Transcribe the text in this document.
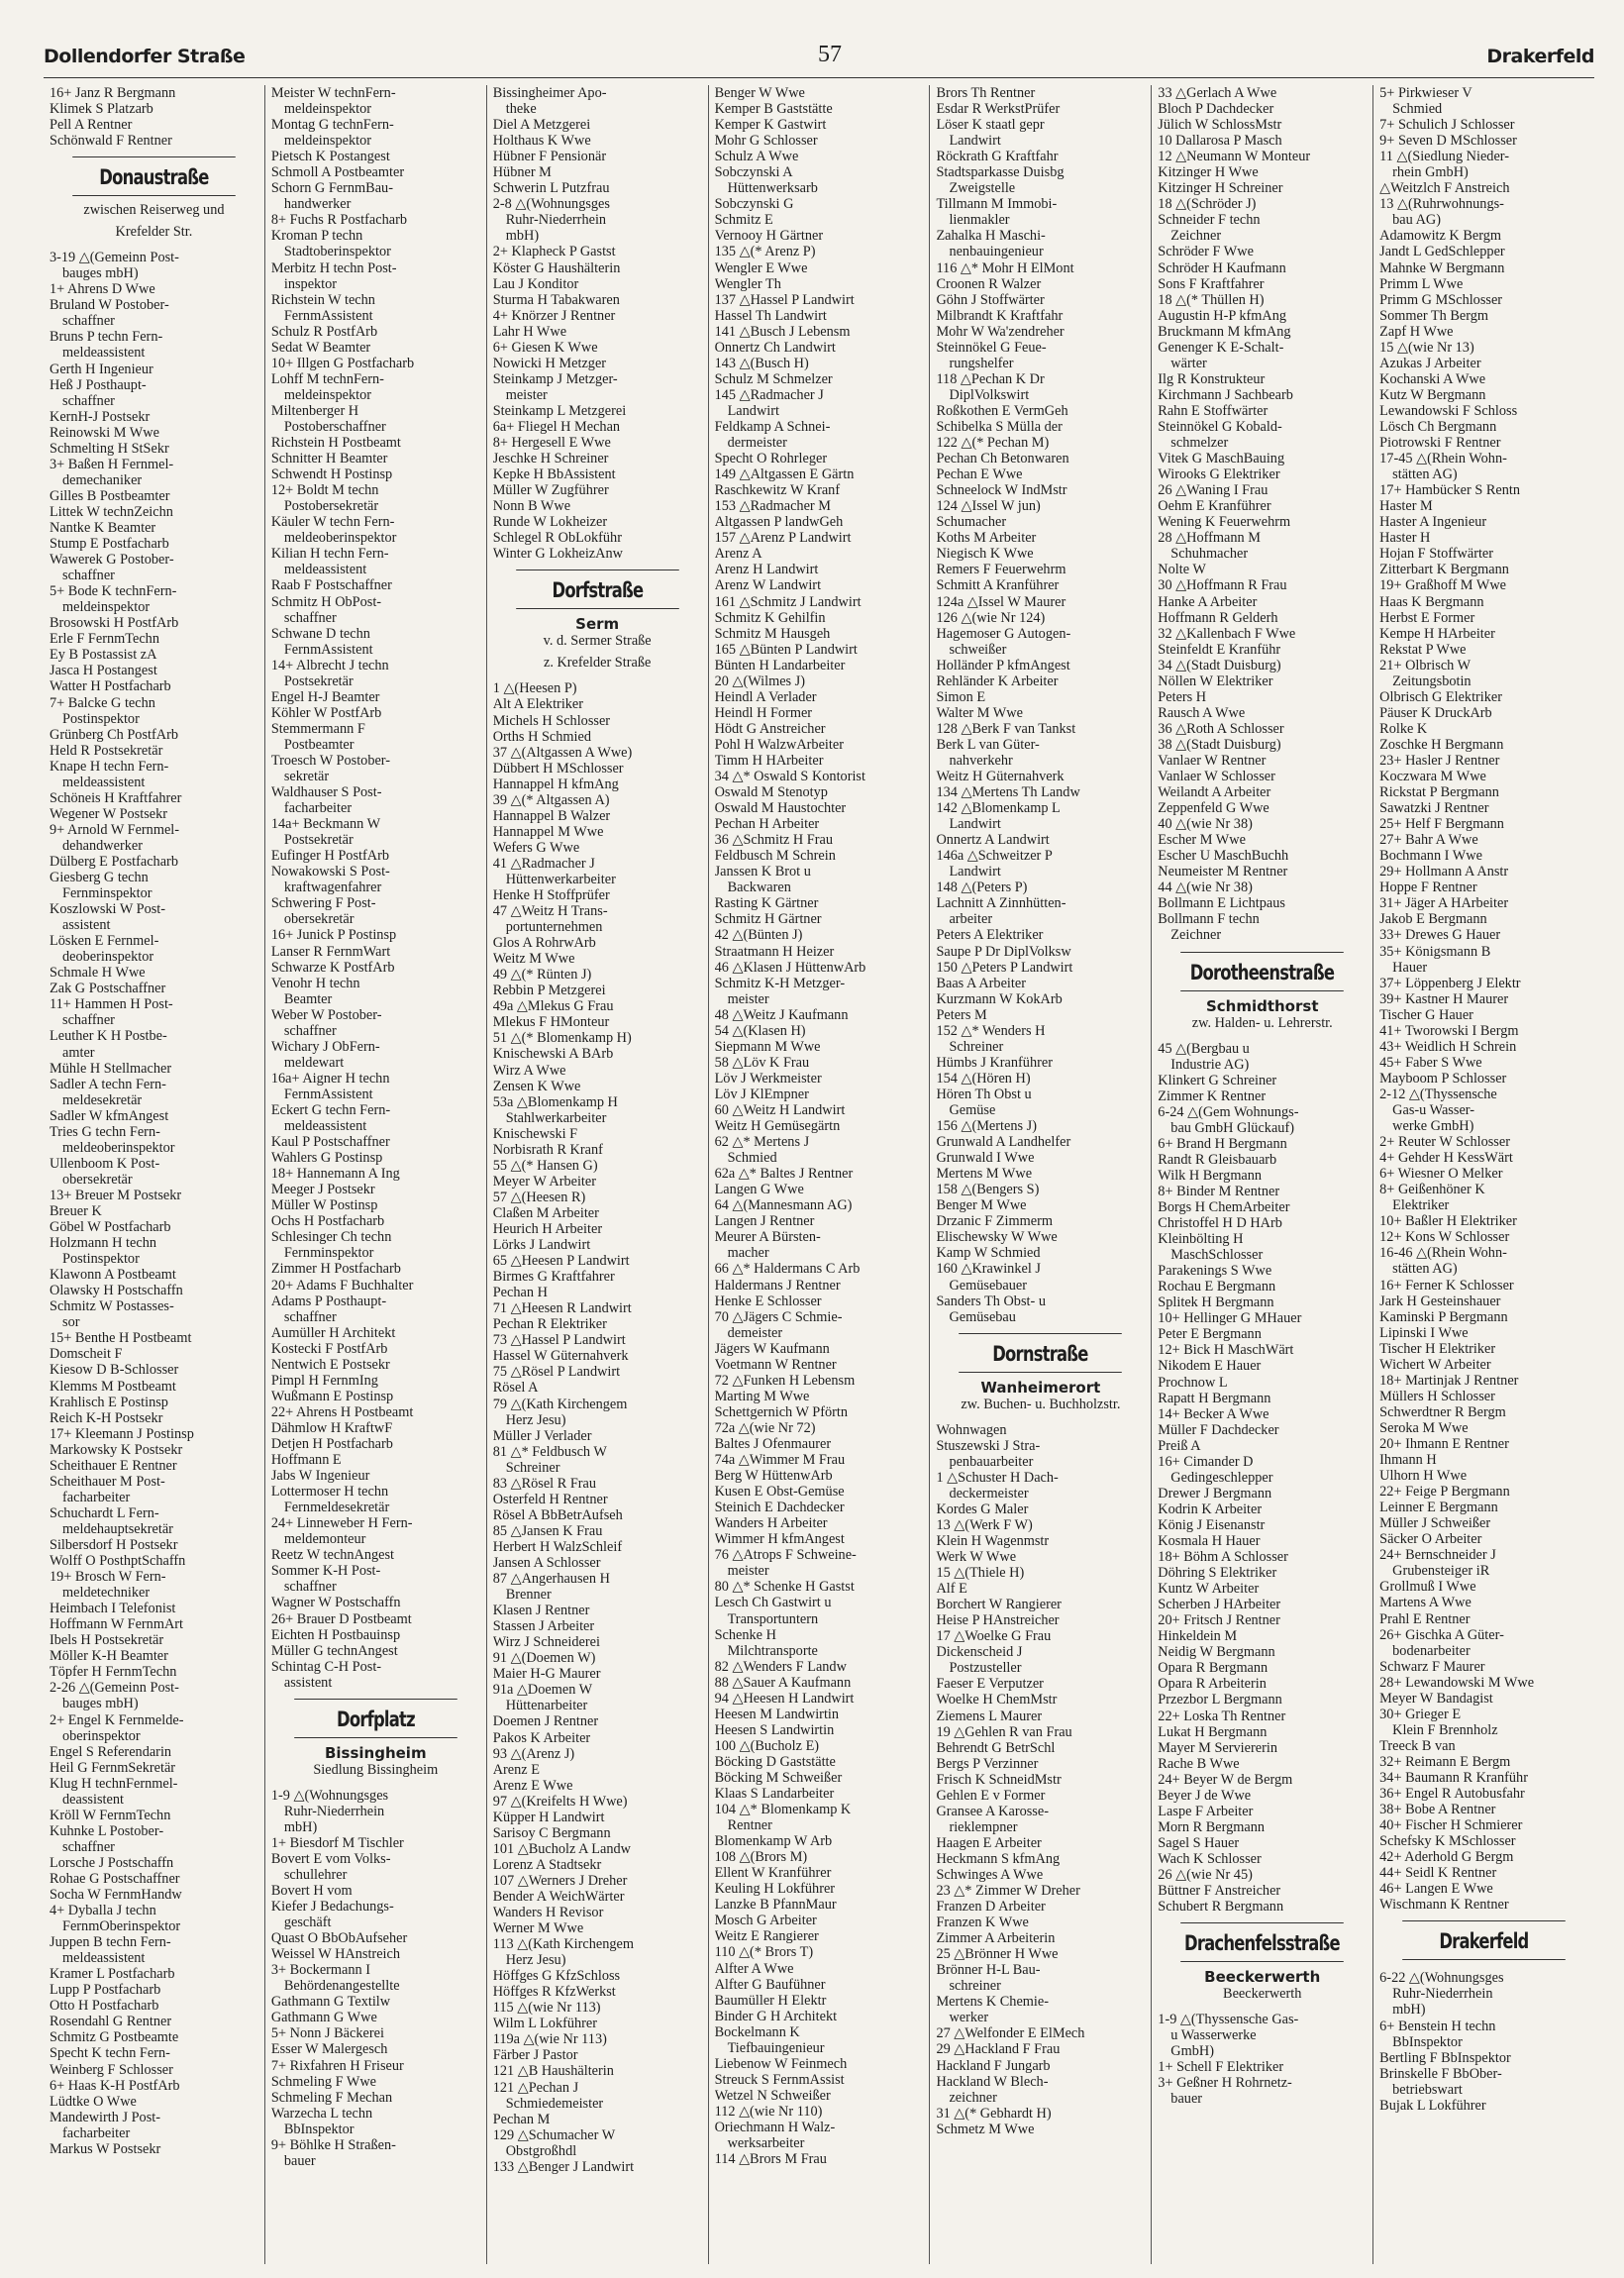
Dollendorfer Straße	57	Drakerfeld
16+ Janz R Bergmann
Klimek S Platzarb
Pell A Rentner
Schönwald F Rentner
Donaustraße
zwischen Reiserweg und
Krefelder Str.
3-19 △(Gemeinn Post-
bauges mbH)
1+ Ahrens D Wwe
Bruland W Postober-
schaffner
Bruns P techn Fern-
meldeassistent
Gerth H Ingenieur
Heß J Posthaupt-
schaffner
KernH-J Postsekr
Reinowski M Wwe
Schmelting H StSekr
3+ Baßen H Fernmel-
demechaniker
Gilles B Postbeamter
Littek W technZeichn
Nantke K Beamter
Stump E Postfacharb
Wawerek G Postober-
schaffner
5+ Bode K technFern-
meldeinspektor
Brosowski H PostfArb
Erle F FernmTechn
Ey B Postassist zA
Jasca H Postangest
Watter H Postfacharb
7+ Balcke G techn
Postinspektor
Grünberg Ch PostfArb
Held R Postsekretär
Knape H techn Fern-
meldeassistent
Schöneis H Kraftfahrer
Wegener W Postsekr
9+ Arnold W Fernmel-
dehandwerker
Dülberg E Postfacharb
Giesberg G techn
Fernminspektor
Koszlowski W Post-
assistent
Lösken E Fernmel-
deoberinspektor
Schmale H Wwe
Zak G Postschaffner
11+ Hammen H Post-
schaffner
Leuther K H Postbe-
amter
Mühle H Stellmacher
Sadler A techn Fern-
meldesekretär
Sadler W kfmAngest
Tries G techn Fern-
meldeoberinspektor
Ullenboom K Post-
obersekretär
13+ Breuer M Postsekr
Breuer K
Göbel W Postfacharb
Holzmann H techn
Postinspektor
Klawonn A Postbeamt
Olawsky H Postschaffn
Schmitz W Postasses-
sor
15+ Benthe H Postbeamt
Domscheit F
Kiesow D B-Schlosser
Klemms M Postbeamt
Krahlisch E Postinsp
Reich K-H Postsekr
17+ Kleemann J Postinsp
Markowsky K Postsekr
Scheithauer E Rentner
Scheithauer M Post-
facharbeiter
Schuchardt L Fern-
meldehauptsekretär
Silbersdorf H Postsekr
Wolff O PosthptSchaffn
19+ Brosch W Fern-
meldetechniker
Heimbach I Telefonist
Hoffmann W FernmArt
Ibels H Postsekretär
Möller K-H Beamter
Töpfer H FernmTechn
2-26 △(Gemeinn Post-
bauges mbH)
2+ Engel K Fernmelde-
oberinspektor
Engel S Referendarin
Heil G FernmSekretär
Klug H technFernmel-
deassistent
Kröll W FernmTechn
Kuhnke L Postober-
schaffner
Lorsche J Postschaffn
Rohae G Postschaffner
Socha W FernmHandw
4+ Dyballa J techn
FernmOberinspektor
Juppen B techn Fern-
meldeassistent
Kramer L Postfacharb
Lupp P Postfacharb
Otto H Postfacharb
Rosendahl G Rentner
Schmitz G Postbeamte
Specht K techn Fern-
Weinberg F Schlosser
6+ Haas K-H PostfArb
Lüdtke O Wwe
Mandewirth J Post-
facharbeiter
Markus W Postsekr
Meister W technFern-
meldeinspektor
Montag G technFern-
meldeinspektor
Pietsch K Postangest
Schmoll A Postbeamter
Schorn G FernmBau-
handwerker
8+ Fuchs R Postfacharb
Kroman P techn
Stadtoberinspektor
Merbitz H techn Post-
inspektor
Richstein W techn
FernmAssistent
Schulz R PostfArb
Sedat W Beamter
10+ Illgen G Postfacharb
Lohff M technFern-
meldeinspektor
Miltenberger H
Postoberschaffner
Richstein H Postbeamt
Schnitter H Beamter
Schwendt H Postinsp
12+ Boldt M techn
Postobersekretär
Käuler W techn Fern-
meldeoberinspektor
Kilian H techn Fern-
meldeassistent
Raab F Postschaffner
Schmitz H ObPost-
schaffner
Schwane D techn
FernmAssistent
14+ Albrecht J techn
Postsekretär
Engel H-J Beamter
Köhler W PostfArb
Stemmermann F
Postbeamter
Troesch W Postober-
sekretär
Waldhauser S Post-
facharbeiter
14a+ Beckmann W
Postsekretär
Eufinger H PostfArb
Nowakowski S Post-
kraftwagenfahrer
Schwering F Post-
obersekretär
16+ Junick P Postinsp
Lanser R FernmWart
Schwarze K PostfArb
Venohr H techn
Beamter
Weber W Postober-
schaffner
Wichary J ObFern-
meldewart
16a+ Aigner H techn
FernmAssistent
Eckert G techn Fern-
meldeassistent
Kaul P Postschaffner
Wahlers G Postinsp
18+ Hannemann A Ing
Meeger J Postsekr
Müller W Postinsp
Ochs H Postfacharb
Schlesinger Ch techn
Fernminspektor
Zimmer H Postfacharb
20+ Adams F Buchhalter
Adams P Posthaupt-
schaffner
Aumüller H Architekt
Kostecki F PostfArb
Nentwich E Postsekr
Pimpl H FernmIng
Wußmann E Postinsp
22+ Ahrens H Postbeamt
Dähmlow H KraftwF
Detjen H Postfacharb
Hoffmann E
Jabs W Ingenieur
Lottermoser H techn
Fernmeldesekretär
24+ Linneweber H Fern-
meldemonteur
Reetz W technAngest
Sommer K-H Post-
schaffner
Wagner W Postschaffn
26+ Brauer D Postbeamt
Eichten H Postbauinsp
Müller G technAngest
Schintag C-H Post-
assistent
Dorfplatz
Bissingheim
Siedlung Bissingheim
1-9 △(Wohnungsges
Ruhr-Niederrhein
mbH)
1+ Biesdorf M Tischler
Bovert E vom Volks-
schullehrer
Bovert H vom
Kiefer J Bedachungs-
geschäft
Quast O BbObAufseher
Weissel W HAnstreich
3+ Bockermann I
Behördenangestellte
Gathmann G Textilw
Gathmann G Wwe
5+ Nonn J Bäckerei
Esser W Malergesch
7+ Rixfahren H Friseur
Schmeling F Wwe
Schmeling F Mechan
Warzecha L techn
BbInspektor
9+ Böhlke H Straßen-
bauer
Bissingheimer Apo-
theke
Diel A Metzgerei
Holthaus K Wwe
Hübner F Pensionär
Hübner M
Schwerin L Putzfrau
2-8 △(Wohnungsges
Ruhr-Niederrhein
mbH)
2+ Klapheck P Gastst
Köster G Haushälterin
Lau J Konditor
Sturma H Tabakwaren
4+ Knörzer J Rentner
Lahr H Wwe
6+ Giesen K Wwe
Nowicki H Metzger
Steinkamp J Metzger-
meister
Steinkamp L Metzgerei
6a+ Fliegel H Mechan
8+ Hergesell E Wwe
Jeschke H Schreiner
Kepke H BbAssistent
Müller W Zugführer
Nonn B Wwe
Runde W Lokheizer
Schlegel R ObLokführ
Winter G LokheizAnw
Dorfstraße
Serm
v. d. Sermer Straße
z. Krefelder Straße
1 △(Heesen P)
Alt A Elektriker
Michels H Schlosser
Orths H Schmied
37 △(Altgassen A Wwe)
Dübbert H MSchlosser
Hannappel H kfmAng
39 △(* Altgassen A)
Hannappel B Walzer
Hannappel M Wwe
Wefers G Wwe
41 △Radmacher J
Hüttenwerkarbeiter
Henke H Stoffprüfer
47 △Weitz H Trans-
portunternehmen
Glos A RohrwArb
Weitz M Wwe
49 △(* Rünten J)
Rebbin P Metzgerei
49a △Mlekus G Frau
Mlekus F HMonteur
51 △(* Blomenkamp H)
Knischewski A BArb
Wirz A Wwe
Zensen K Wwe
53a △Blomenkamp H
Stahlwerkarbeiter
Knischewski F
Norbisrath R Kranf
55 △(* Hansen G)
Meyer W Arbeiter
57 △(Heesen R)
Claßen M Arbeiter
Heurich H Arbeiter
Lörks J Landwirt
65 △Heesen P Landwirt
Birmes G Kraftfahrer
Pechan H
71 △Heesen R Landwirt
Pechan R Elektriker
73 △Hassel P Landwirt
Hassel W Güternahverk
75 △Rösel P Landwirt
Rösel A
79 △(Kath Kirchengem
Herz Jesu)
Müller J Verlader
81 △* Feldbusch W
Schreiner
83 △Rösel R Frau
Osterfeld H Rentner
Rösel A BbBetrAufseh
85 △Jansen K Frau
Herbert H WalzSchleif
Jansen A Schlosser
87 △Angerhausen H
Brenner
Klasen J Rentner
Stassen J Arbeiter
Wirz J Schneiderei
91 △(Doemen W)
Maier H-G Maurer
91a △Doemen W
Hüttenarbeiter
Doemen J Rentner
Pakos K Arbeiter
93 △(Arenz J)
Arenz E
Arenz E Wwe
97 △(Kreifelts H Wwe)
Küpper H Landwirt
Sarisoy C Bergmann
101 △Bucholz A Landw
Lorenz A Stadtsekr
107 △Werners J Dreher
Bender A WeichWärter
Wanders H Revisor
Werner M Wwe
113 △(Kath Kirchengem
Herz Jesu)
Höffges G KfzSchloss
Höffges R KfzWerkst
115 △(wie Nr 113)
Wilm L Lokführer
119a △(wie Nr 113)
Färber J Pastor
121 △B Haushälterin
121 △Pechan J
Schmiedemeister
Pechan M
129 △Schumacher W
Obstgroßhdl
133 △Benger J Landwirt
Benger W Wwe
Kemper B Gaststätte
Kemper K Gastwirt
Mohr G Schlosser
Schulz A Wwe
Sobczynski A
Hüttenwerksarb
Sobczynski G
Schmitz E
Vernooy H Gärtner
135 △(* Arenz P)
Wengler E Wwe
Wengler Th
137 △Hassel P Landwirt
Hassel Th Landwirt
141 △Busch J Lebensm
Onnertz Ch Landwirt
143 △(Busch H)
Schulz M Schmelzer
145 △Radmacher J
Landwirt
Feldkamp A Schnei-
dermeister
Specht O Rohrleger
149 △Altgassen E Gärtn
Raschkewitz W Kranf
153 △Radmacher M
Altgassen P landwGeh
157 △Arenz P Landwirt
Arenz A
Arenz H Landwirt
Arenz W Landwirt
161 △Schmitz J Landwirt
Schmitz K Gehilfin
Schmitz M Hausgeh
165 △Bünten P Landwirt
Bünten H Landarbeiter
20 △(Wilmes J)
Heindl A Verlader
Heindl H Former
Hödt G Anstreicher
Pohl H WalzwArbeiter
Timm H HArbeiter
34 △* Oswald S Kontorist
Oswald M Stenotyp
Oswald M Haustochter
Pechan H Arbeiter
36 △Schmitz H Frau
Feldbusch M Schrein
Janssen K Brot u
Backwaren
Rasting K Gärtner
Schmitz H Gärtner
42 △(Bünten J)
Straatmann H Heizer
46 △Klasen J HüttenwArb
Schmitz K-H Metzger-
meister
48 △Weitz J Kaufmann
54 △(Klasen H)
Siepmann M Wwe
58 △Löv K Frau
Löv J Werkmeister
Löv J KlEmpner
60 △Weitz H Landwirt
Weitz H Gemüsegärtn
62 △* Mertens J
Schmied
62a △* Baltes J Rentner
Langen G Wwe
64 △(Mannesmann AG)
Langen J Rentner
Meurer A Bürsten-
macher
66 △* Haldermans C Arb
Haldermans J Rentner
Henke E Schlosser
70 △Jägers C Schmie-
demeister
Jägers W Kaufmann
Voetmann W Rentner
72 △Funken H Lebensm
Marting M Wwe
Schettgernich W Pförtn
72a △(wie Nr 72)
Baltes J Ofenmaurer
74a △Wimmer M Frau
Berg W HüttenwArb
Kusen E Obst-Gemüse
Steinich E Dachdecker
Wanders H Arbeiter
Wimmer H kfmAngest
76 △Atrops F Schweine-
meister
80 △* Schenke H Gastst
Lesch Ch Gastwirt u
Transportuntern
Schenke H
Milchtransporte
82 △Wenders F Landw
88 △Sauer A Kaufmann
94 △Heesen H Landwirt
Heesen M Landwirtin
Heesen S Landwirtin
100 △(Bucholz E)
Böcking D Gaststätte
Böcking M Schweißer
Klaas S Landarbeiter
104 △* Blomenkamp K
Rentner
Blomenkamp W Arb
108 △(Brors M)
Ellent W Kranführer
Keuling H Lokführer
Lanzke B PfannMaur
Mosch G Arbeiter
Weitz E Rangierer
110 △(* Brors T)
Alfter A Wwe
Alfter G Baufühner
Baumüller H Elektr
Binder G H Architekt
Bockelmann K
Tiefbauingenieur
Liebenow W Feinmech
Streuck S FernmAssist
Wetzel N Schweißer
112 △(wie Nr 110)
Oriechmann H Walz-
werksarbeiter
114 △Brors M Frau
Brors Th Rentner
Esdar R WerkstPrüfer
Löser K staatl gepr
Landwirt
Röckrath G Kraftfahr
Stadtsparkasse Duisbg
Zweigstelle
Tillmann M Immobi-
lienmakler
Zahalka H Maschi-
nenbauingenieur
116 △* Mohr H ElMont
Croonen R Walzer
Göhn J Stoffwärter
Milbrandt K Kraftfahr
Mohr W Wa'zendreher
Steinnökel G Feue-
rungshelfer
118 △Pechan K Dr
DiplVolkswirt
Roßkothen E VermGeh
Schibelka S Mülla der
122 △(* Pechan M)
Pechan Ch Betonwaren
Pechan E Wwe
Schneelock W IndMstr
124 △Issel W jun)
Schumacher
Koths M Arbeiter
Niegisch K Wwe
Remers F Feuerwehrm
Schmitt A Kranführer
124a △Issel W Maurer
126 △(wie Nr 124)
Hagemoser G Autogen-
schweißer
Holländer P kfmAngest
Rehländer K Arbeiter
Simon E
Walter M Wwe
128 △Berk F van Tankst
Berk L van Güter-
nahverkehr
Weitz H Güternahverk
134 △Mertens Th Landw
142 △Blomenkamp L
Landwirt
Onnertz A Landwirt
146a △Schweitzer P
Landwirt
148 △(Peters P)
Lachnitt A Zinnhütten-
arbeiter
Peters A Elektriker
Saupe P Dr DiplVolksw
150 △Peters P Landwirt
Baas A Arbeiter
Kurzmann W KokArb
Peters M
152 △* Wenders H
Schreiner
Hümbs J Kranführer
154 △(Hören H)
Hören Th Obst u
Gemüse
156 △(Mertens J)
Grunwald A Landhelfer
Grunwald I Wwe
Mertens M Wwe
158 △(Bengers S)
Benger M Wwe
Drzanic F Zimmerm
Elischewsky W Wwe
Kamp W Schmied
160 △Krawinkel J
Gemüsebauer
Sanders Th Obst- u
Gemüsebau
Dornstraße
Wanheimerort
zw. Buchen- u. Buchholzstr.
Wohnwagen
Stuszewski J Stra-
penbauarbeiter
1 △Schuster H Dach-
deckermeister
Kordes G Maler
13 △(Werk F W)
Klein H Wagenmstr
Werk W Wwe
15 △(Thiele H)
Alf E
Borchert W Rangierer
Heise P HAnstreicher
17 △Woelke G Frau
Dickenscheid J
Postzusteller
Faeser E Verputzer
Woelke H ChemMstr
Ziemens L Maurer
19 △Gehlen R van Frau
Behrendt G BetrSchl
Bergs P Verzinner
Frisch K SchneidMstr
Gehlen E v Former
Gransee A Karosse-
rieklempner
Haagen E Arbeiter
Heckmann S kfmAng
Schwinges A Wwe
23 △* Zimmer W Dreher
Franzen D Arbeiter
Franzen K Wwe
Zimmer A Arbeiterin
25 △Brönner H Wwe
Brönner H-L Bau-
schreiner
Mertens K Chemie-
werker
27 △Welfonder E ElMech
29 △Hackland F Frau
Hackland F Jungarb
Hackland W Blech-
zeichner
31 △(* Gebhardt H)
Schmetz M Wwe
33 △Gerlach A Wwe
Bloch P Dachdecker
Jülich W SchlossMstr
10 Dallarosa P Masch
12 △Neumann W Monteur
Kitzinger H Wwe
Kitzinger H Schreiner
18 △(Schröder J)
Schneider F techn
Zeichner
Schröder F Wwe
Schröder H Kaufmann
Sons F Kraftfahrer
18 △(* Thüllen H)
Augustin H-P kfmAng
Bruckmann M kfmAng
Genenger K E-Schalt-
wärter
Ilg R Konstrukteur
Kirchmann J Sachbearb
Rahn E Stoffwärter
Steinnökel G Kobald-
schmelzer
Vitek G MaschBauing
Wirooks G Elektriker
26 △Waning I Frau
Oehm E Kranführer
Wening K Feuerwehrm
28 △Hoffmann M
Schuhmacher
Nolte W
30 △Hoffmann R Frau
Hanke A Arbeiter
Hoffmann R Gelderh
32 △Kallenbach F Wwe
Steinfeldt E Kranführ
34 △(Stadt Duisburg)
Nöllen W Elektriker
Peters H
Rausch A Wwe
36 △Roth A Schlosser
38 △(Stadt Duisburg)
Vanlaer W Rentner
Vanlaer W Schlosser
Weilandt A Arbeiter
Zeppenfeld G Wwe
40 △(wie Nr 38)
Escher M Wwe
Escher U MaschBuchh
Neumeister M Rentner
44 △(wie Nr 38)
Bollmann E Lichtpaus
Bollmann F techn
Zeichner
Dorotheenstraße
Schmidthorst
zw. Halden- u. Lehrerstr.
45 △(Bergbau u
Industrie AG)
Klinkert G Schreiner
Zimmer K Rentner
6-24 △(Gem Wohnungs-
bau GmbH Glückauf)
6+ Brand H Bergmann
Randt R Gleisbauarb
Wilk H Bergmann
8+ Binder M Rentner
Borgs H ChemArbeiter
Christoffel H D HArb
Kleinbölting H
MaschSchlosser
Parakenings S Wwe
Rochau E Bergmann
Splitek H Bergmann
10+ Hellinger G MHauer
Peter E Bergmann
12+ Bick H MaschWärt
Nikodem E Hauer
Prochnow L
Rapatt H Bergmann
14+ Becker A Wwe
Müller F Dachdecker
Preiß A
16+ Cimander D
Gedingeschlepper
Drewer J Bergmann
Kodrin K Arbeiter
König J Eisenanstr
Kosmala H Hauer
18+ Böhm A Schlosser
Döhring S Elektriker
Kuntz W Arbeiter
Scherben J HArbeiter
20+ Fritsch J Rentner
Hinkeldein M
Neidig W Bergmann
Opara R Bergmann
Opara R Arbeiterin
Przezbor L Bergmann
22+ Loska Th Rentner
Lukat H Bergmann
Mayer M Serviererin
Rache B Wwe
24+ Beyer W de Bergm
Beyer J de Wwe
Laspe F Arbeiter
Morn R Bergmann
Sagel S Hauer
Wach K Schlosser
26 △(wie Nr 45)
Büttner F Anstreicher
Schubert R Bergmann
Drachenfelsstraße
Beeckerwerth
Beeckerwerth
1-9 △(Thyssensche Gas-
u Wasserwerke
GmbH)
1+ Schell F Elektriker
3+ Geßner H Rohrnetz-
bauer
5+ Pirkwieser V
Schmied
7+ Schulich J Schlosser
9+ Seven D MSchlosser
11 △(Siedlung Nieder-
rhein GmbH)
△Weitzlch F Anstreich
13 △(Ruhrwohnungs-
bau AG)
Adamowitz K Bergm
Jandt L GedSchlepper
Mahnke W Bergmann
Primm L Wwe
Primm G MSchlosser
Sommer Th Bergm
Zapf H Wwe
15 △(wie Nr 13)
Azukas J Arbeiter
Kochanski A Wwe
Kutz W Bergmann
Lewandowski F Schloss
Lösch Ch Bergmann
Piotrowski F Rentner
17-45 △(Rhein Wohn-
stätten AG)
17+ Hambücker S Rentn
Haster M
Haster A Ingenieur
Haster H
Hojan F Stoffwärter
Zitterbart K Bergmann
19+ Graßhoff M Wwe
Haas K Bergmann
Herbst E Former
Kempe H HArbeiter
Rekstat P Wwe
21+ Olbrisch W
Zeitungsbotin
Olbrisch G Elektriker
Päuser K DruckArb
Rolke K
Zoschke H Bergmann
23+ Hasler J Rentner
Koczwara M Wwe
Rickstat P Bergmann
Sawatzki J Rentner
25+ Helf F Bergmann
27+ Bahr A Wwe
Bochmann I Wwe
29+ Hollmann A Anstr
Hoppe F Rentner
31+ Jäger A HArbeiter
Jakob E Bergmann
33+ Drewes G Hauer
35+ Königsmann B
Hauer
37+ Löppenberg J Elektr
39+ Kastner H Maurer
Tischer G Hauer
41+ Tworowski I Bergm
43+ Weidlich H Schrein
45+ Faber S Wwe
Mayboom P Schlosser
2-12 △(Thyssensche
Gas-u Wasser-
werke GmbH)
2+ Reuter W Schlosser
4+ Gehder H KessWärt
6+ Wiesner O Melker
8+ Geißenhöner K
Elektriker
10+ Baßler H Elektriker
12+ Kons W Schlosser
16-46 △(Rhein Wohn-
stätten AG)
16+ Ferner K Schlosser
Jark H Gesteinshauer
Kaminski P Bergmann
Lipinski I Wwe
Tischer H Elektriker
Wichert W Arbeiter
18+ Martinjak J Rentner
Müllers H Schlosser
Schwerdtner R Bergm
Seroka M Wwe
20+ Ihmann E Rentner
Ihmann H
Ulhorn H Wwe
22+ Feige P Bergmann
Leinner E Bergmann
Müller J Schweißer
Säcker O Arbeiter
24+ Bernschneider J
Grubensteiger iR
Grollmuß I Wwe
Martens A Wwe
Prahl E Rentner
26+ Gischka A Güter-
bodenarbeiter
Schwarz F Maurer
28+ Lewandowski M Wwe
Meyer W Bandagist
30+ Grieger E
Klein F Brennholz
Treeck B van
32+ Reimann E Bergm
34+ Baumann R Kranführ
36+ Engel R Autobusfahr
38+ Bobe A Rentner
40+ Fischer H Schmierer
Schefsky K MSchlosser
42+ Aderhold G Bergm
44+ Seidl K Rentner
46+ Langen E Wwe
Wischmann K Rentner
Drakerfeld
6-22 △(Wohnungsges
Ruhr-Niederrhein
mbH)
6+ Benstein H techn
BbInspektor
Bertling F BbInspektor
Brinskelle F BbOber-
betriebswart
Bujak L Lokführer
